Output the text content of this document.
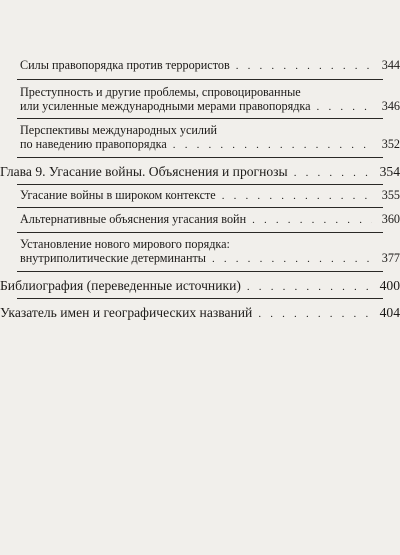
Силы правопорядка против террористов . . .	344
Преступность и другие проблемы, спровоцированные
или усиленные международными мерами правопорядка . . .	346
Перспективы международных усилий
по наведению правопорядка . . .	352
Глава 9. Угасание войны. Объяснения и прогнозы . . .	354
Угасание войны в широком контексте . . .	355
Альтернативные объяснения угасания войн . . .	360
Установление нового мирового порядка:
внутриполитические детерминанты . . .	377
Библиография (переведенные источники) . . .	400
Указатель имен и географических названий . . .	404
